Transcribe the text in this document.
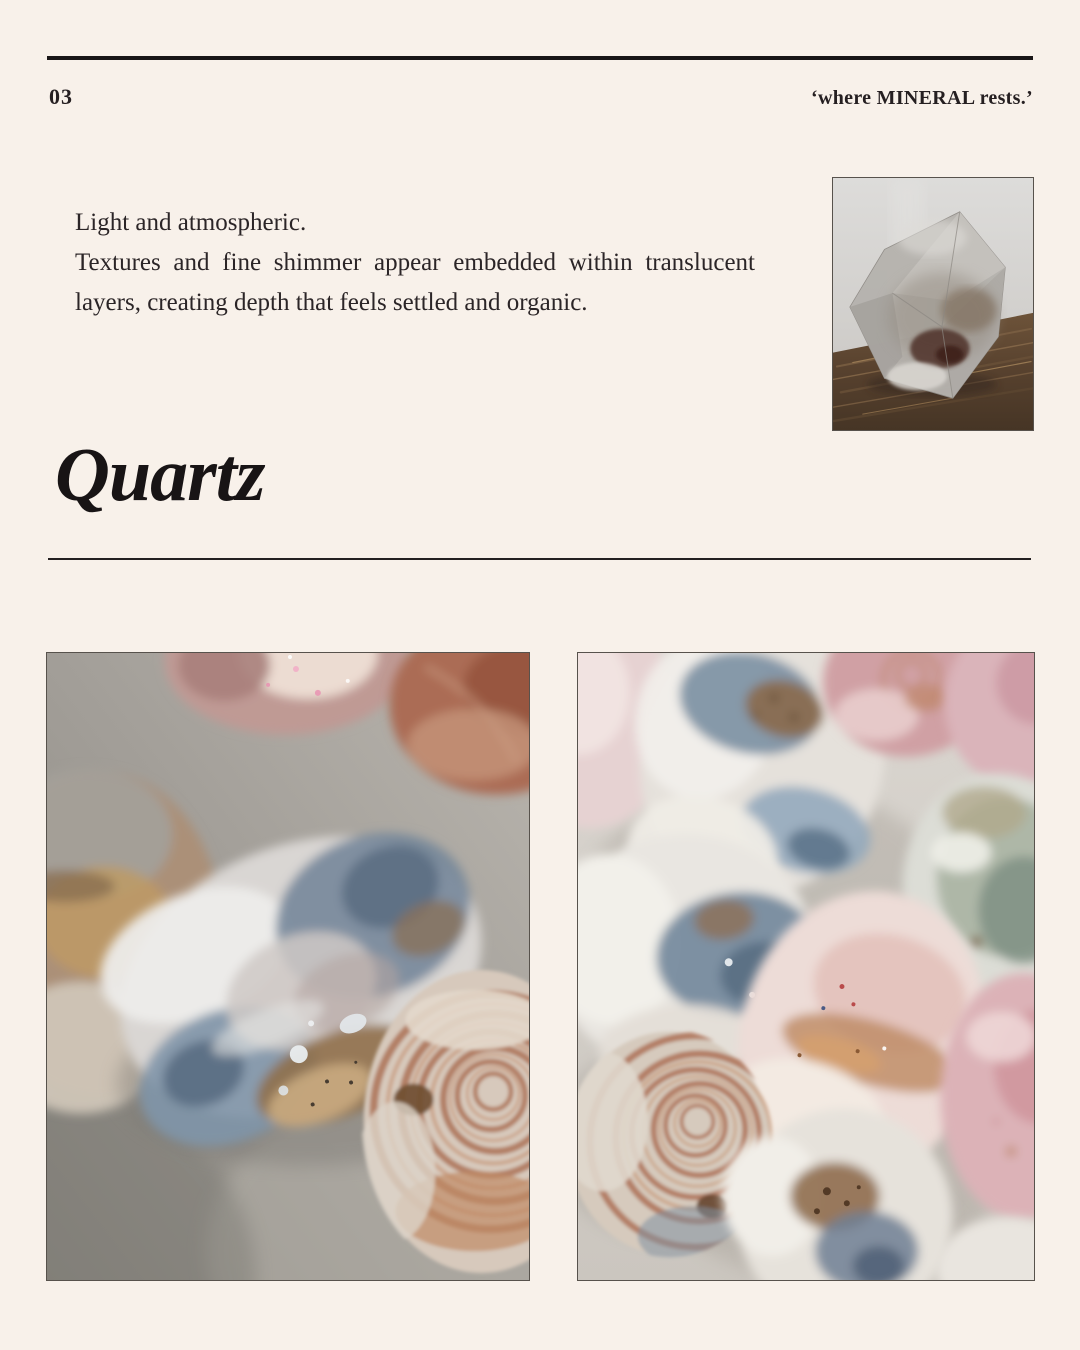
03	‘where MINERAL rests.’
Light and atmospheric.
Textures and fine shimmer appear embedded within translucent
layers, creating depth that feels settled and organic.
Quartz
